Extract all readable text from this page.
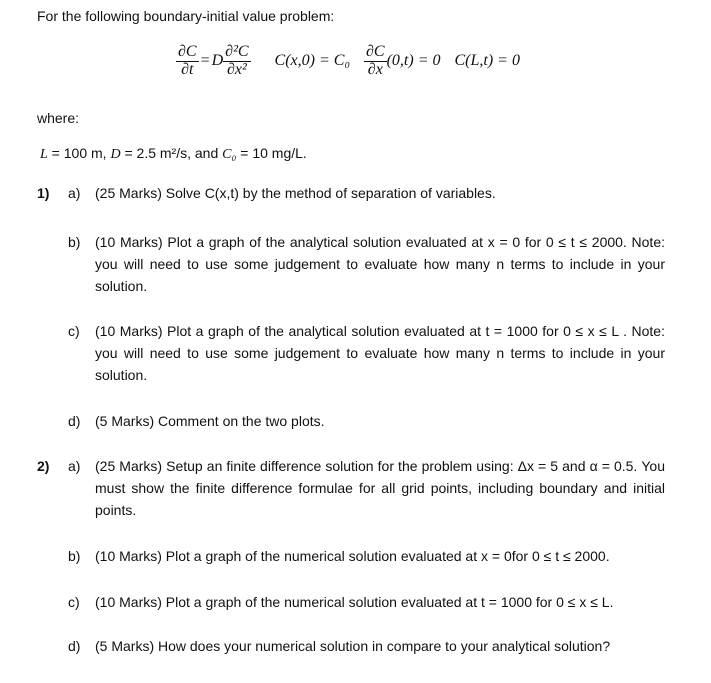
For the following boundary-initial value problem:
$\frac{\partial C}{\partial t} = D \frac{\text{∂²C}}{\text{∂x²}} C(x,0) = C_0 \frac{\partial C}{\partial x} (0,t) = 0$ C(L,t) = 0
where:
L = 100 m, D = 2.5 m²/s, and C₀ = 10 mg/L.
1) a) (25 Marks) Solve C(x,t) by the method of separation of variables.
b) (10 Marks) Plot a graph of the analytical solution evaluated at x = 0 for 0 ≤ t ≤ 2000. Note: you will need to use some judgement to evaluate how many n terms to include in your solution.
c) (10 Marks) Plot a graph of the analytical solution evaluated at t = 1000 for 0 ≤ x ≤ L . Note: you will need to use some judgement to evaluate how many n terms to include in your solution.
d) (5 Marks) Comment on the two plots.
2) a) (25 Marks) Setup an finite difference solution for the problem using: Δx = 5 and α = 0.5. You must show the finite difference formulae for all grid points, including boundary and initial points.
b) (10 Marks) Plot a graph of the numerical solution evaluated at x = 0for 0 ≤ t ≤ 2000.
c) (10 Marks) Plot a graph of the numerical solution evaluated at t = 1000 for 0 ≤ x ≤ L.
d) (5 Marks) How does your numerical solution in compare to your analytical solution?
